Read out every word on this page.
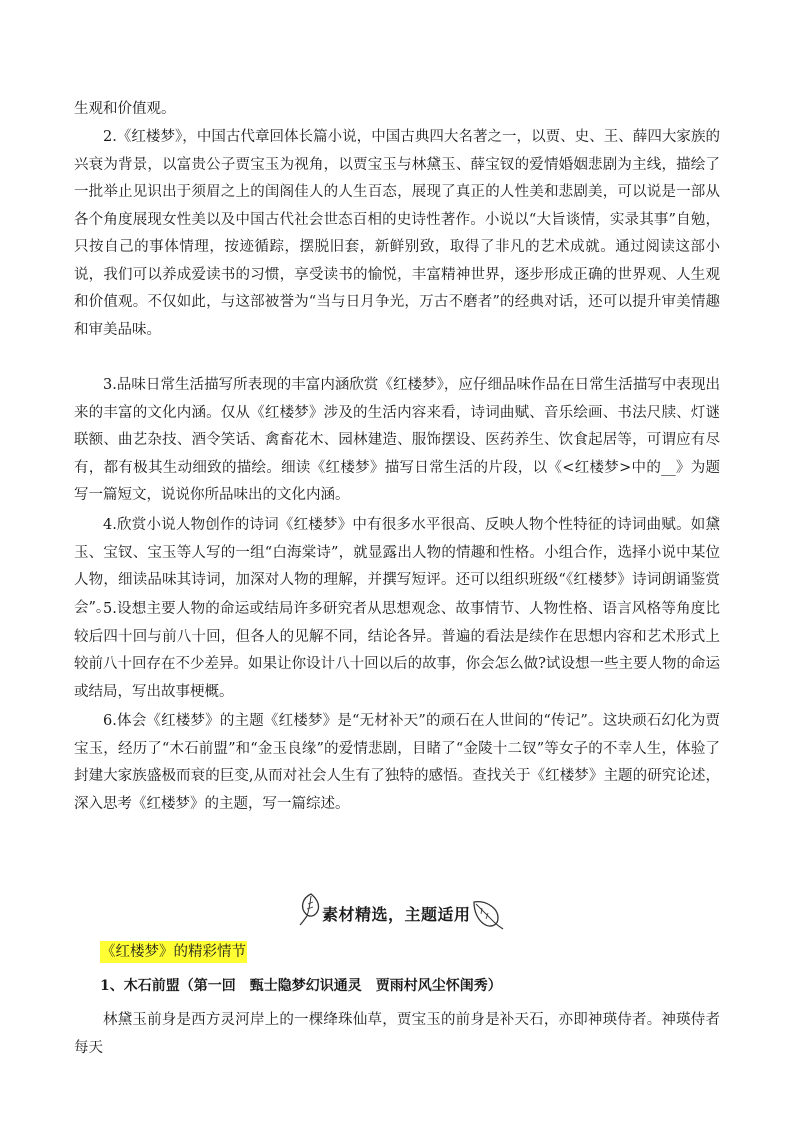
生观和价值观。

2.《红楼梦》，中国古代章回体长篇小说，中国古典四大名著之一，以贾、史、王、薛四大家族的兴衰为背景，以富贵公子贾宝玉为视角，以贾宝玉与林黛玉、薛宝钗的爱情婚姻悲剧为主线，描绘了一批举止见识出于须眉之上的闺阁佳人的人生百态，展现了真正的人性美和悲剧美，可以说是一部从各个角度展现女性美以及中国古代社会世态百相的史诗性著作。小说以“大旨谈情，实录其事”自勉，只按自己的事体情理，按迹循踪，摆脱旧套，新鲜别致，取得了非凡的艺术成就。通过阅读这部小说，我们可以养成爱读书的习惯，享受读书的愉悦，丰富精神世界，逐步形成正确的世界观、人生观和价值观。不仅如此，与这部被誉为“当与日月争光，万古不磨者”的经典对话，还可以提升审美情趣和审美品味。

3.品味日常生活描写所表现的丰富内涵欣赏《红楼梦》，应仔细品味作品在日常生活描写中表现出来的丰富的文化内涵。仅从《红楼梦》涉及的生活内容来看，诗词曲赋、音乐绘画、书法尺牍、灯谜联额、曲艺杂技、酒令笑话、禽畜花木、园林建造、服饰摆设、医药养生、饮食起居等，可谓应有尽有，都有极其生动细致的描绘。细读《红楼梦》描写日常生活的片段，以《<红楼梦>中的__》为题写一篇短文，说说你所品味出的文化内涵。

4.欣赏小说人物创作的诗词《红楼梦》中有很多水平很高、反映人物个性特征的诗词曲赋。如黛玉、宝钗、宝玉等人写的一组“白海棠诗”，就显露出人物的情趣和性格。小组合作，选择小说中某位人物，细读品味其诗词，加深对人物的理解，并撰写短评。还可以组织班级“《红楼梦》诗词朗诵鉴赏会”。

5.设想主要人物的命运或结局许多研究者从思想观念、故事情节、人物性格、语言风格等角度比较后四十回与前八十回，但各人的见解不同，结论各异。普遍的看法是续作在思想内容和艺术形式上较前八十回存在不少差异。如果让你设计八十回以后的故事，你会怎么做?试设想一些主要人物的命运或结局，写出故事梗概。

6.体会《红楼梦》的主题《红楼梦》是“无材补天”的顽石在人世间的“传记”。这块顽石幻化为贾宝玉，经历了“木石前盟”和“金玉良缘”的爱情悲剧，目睹了“金陵十二钗”等女子的不幸人生，体验了封建大家族盛极而衰的巨变,从而对社会人生有了独特的感悟。查找关于《红楼梦》主题的研究论述，深入思考《红楼梦》的主题，写一篇综述。

素材精选，主题适用
《红楼梦》的精彩情节
1、木石前盟（第一回　甄士隐梦幻识通灵　贾雨村风尘怀闺秀）

林黛玉前身是西方灵河岸上的一棵绛珠仙草，贾宝玉的前身是补天石，亦即神瑛侍者。神瑛侍者每天
